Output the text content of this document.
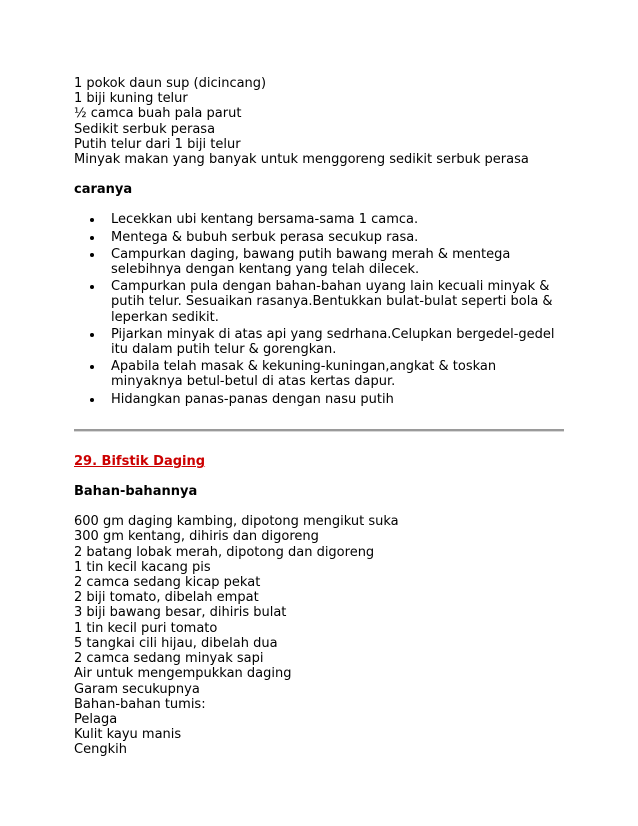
1 pokok daun sup (dicincang)
1 biji kuning telur
½ camca buah pala parut
Sedikit serbuk perasa
Putih telur dari 1 biji telur
Minyak makan yang banyak untuk menggoreng sedikit serbuk perasa
caranya
Lecekkan ubi kentang bersama-sama 1 camca.
Mentega & bubuh serbuk perasa secukup rasa.
Campurkan daging, bawang putih bawang merah & mentega selebihnya dengan kentang yang telah dilecek.
Campurkan pula dengan bahan-bahan uyang lain kecuali minyak & putih telur. Sesuaikan rasanya.Bentukkan bulat-bulat seperti bola & leperkan sedikit.
Pijarkan minyak di atas api yang sedrhana.Celupkan bergedel-gedel itu dalam putih telur & gorengkan.
Apabila telah masak & kekuning-kuningan,angkat & toskan minyaknya betul-betul di atas kertas dapur.
Hidangkan panas-panas dengan nasu putih
29. Bifstik Daging
Bahan-bahannya
600 gm daging kambing, dipotong mengikut suka
300 gm kentang, dihiris dan digoreng
2 batang lobak merah, dipotong dan digoreng
1 tin kecil kacang pis
2 camca sedang kicap pekat
2 biji tomato, dibelah empat
3 biji bawang besar, dihiris bulat
1 tin kecil puri tomato
5 tangkai cili hijau, dibelah dua
2 camca sedang minyak sapi
Air untuk mengempukkan daging
Garam secukupnya
Bahan-bahan tumis:
Pelaga
Kulit kayu manis
Cengkih
